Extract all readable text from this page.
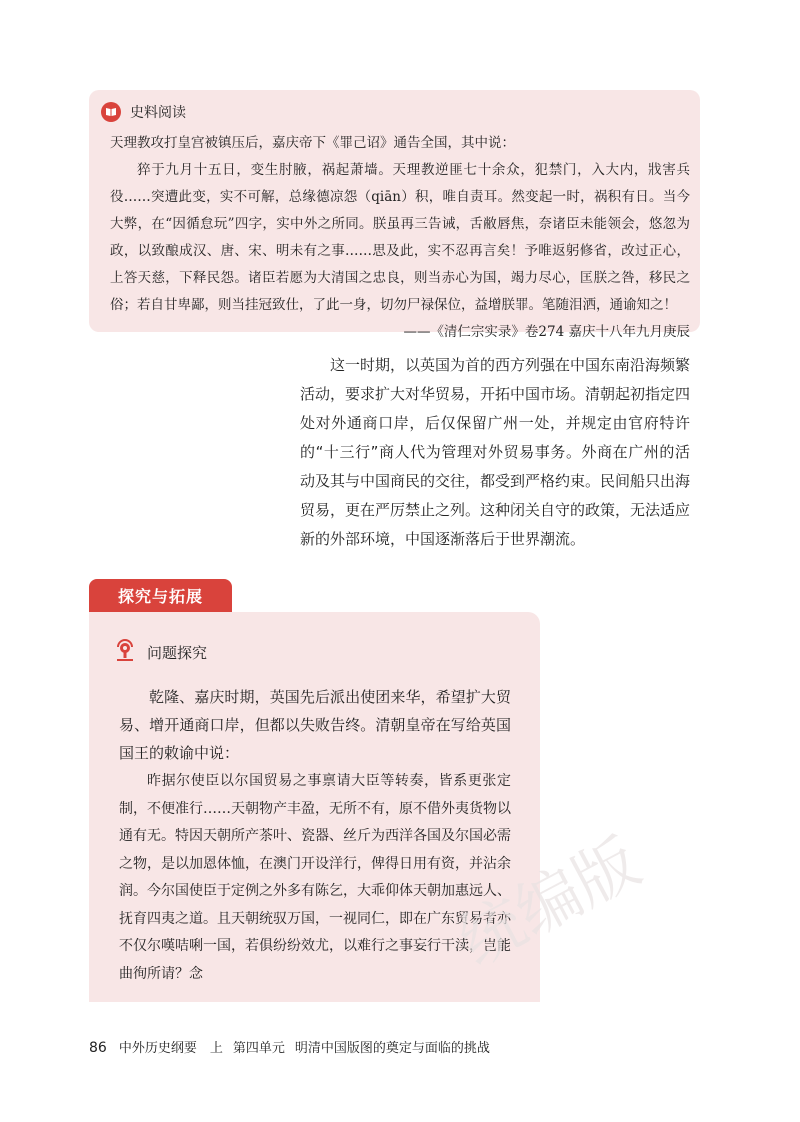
史料阅读

天理教攻打皇宫被镇压后，嘉庆帝下《罪己诏》通告全国，其中说：

猝于九月十五日，变生肘腋，祸起萧墙。天理教逆匪七十余众，犯禁门，入大内，戕害兵役……突遭此变，实不可解，总缘德凉怨（qiān）积，唯自责耳。然变起一时，祸积有日。当今大弊，在“因循怠玩”四字，实中外之所同。朕虽再三告诫，舌敝唇焦，奈诸臣未能领会，悠忽为政，以致酿成汉、唐、宋、明未有之事……思及此，实不忍再言矣！予唯返躬修省，改过正心，上答天慈，下释民怨。诸臣若愿为大清国之忠良，则当赤心为国，竭力尽心，匡朕之咎，移民之俗；若自甘卑鄙，则当挂冠致仕，了此一身，切勿尸禄保位，益增朕罪。笔随泪洒，通谕知之！

——《清仁宗实录》卷274 嘉庆十八年九月庚辰

这一时期，以英国为首的西方列强在中国东南沿海频繁活动，要求扩大对华贸易，开拓中国市场。清朝起初指定四处对外通商口岸，后仅保留广州一处，并规定由官府特许的“十三行”商人代为管理对外贸易事务。外商在广州的活动及其与中国商民的交往，都受到严格约束。民间船只出海贸易，更在严厉禁止之列。这种闭关自守的政策，无法适应新的外部环境，中国逐渐落后于世界潮流。

探究与拓展
问题探究

乾隆、嘉庆时期，英国先后派出使团来华，希望扩大贸易、增开通商口岸，但都以失败告终。清朝皇帝在写给英国国王的敕谕中说：

昨据尔使臣以尔国贸易之事禀请大臣等转奏，皆系更张定制，不便准行……天朝物产丰盈，无所不有，原不借外夷货物以通有无。特因天朝所产茶叶、瓷器、丝斤为西洋各国及尔国必需之物，是以加恩体恤，在澳门开设洋行，俾得日用有资，并沾余润。今尔国使臣于定例之外多有陈乞，大乖仰体天朝加惠远人、抚育四夷之道。且天朝统驭万国，一视同仁，即在广东贸易者亦不仅尔嘆咭唎一国，若俱纷纷效尤，以难行之事妄行干渎，岂能曲徇所请？念	统编版
86 中外历史纲要　上 第四单元 明清中国版图的奠定与面临的挑战
